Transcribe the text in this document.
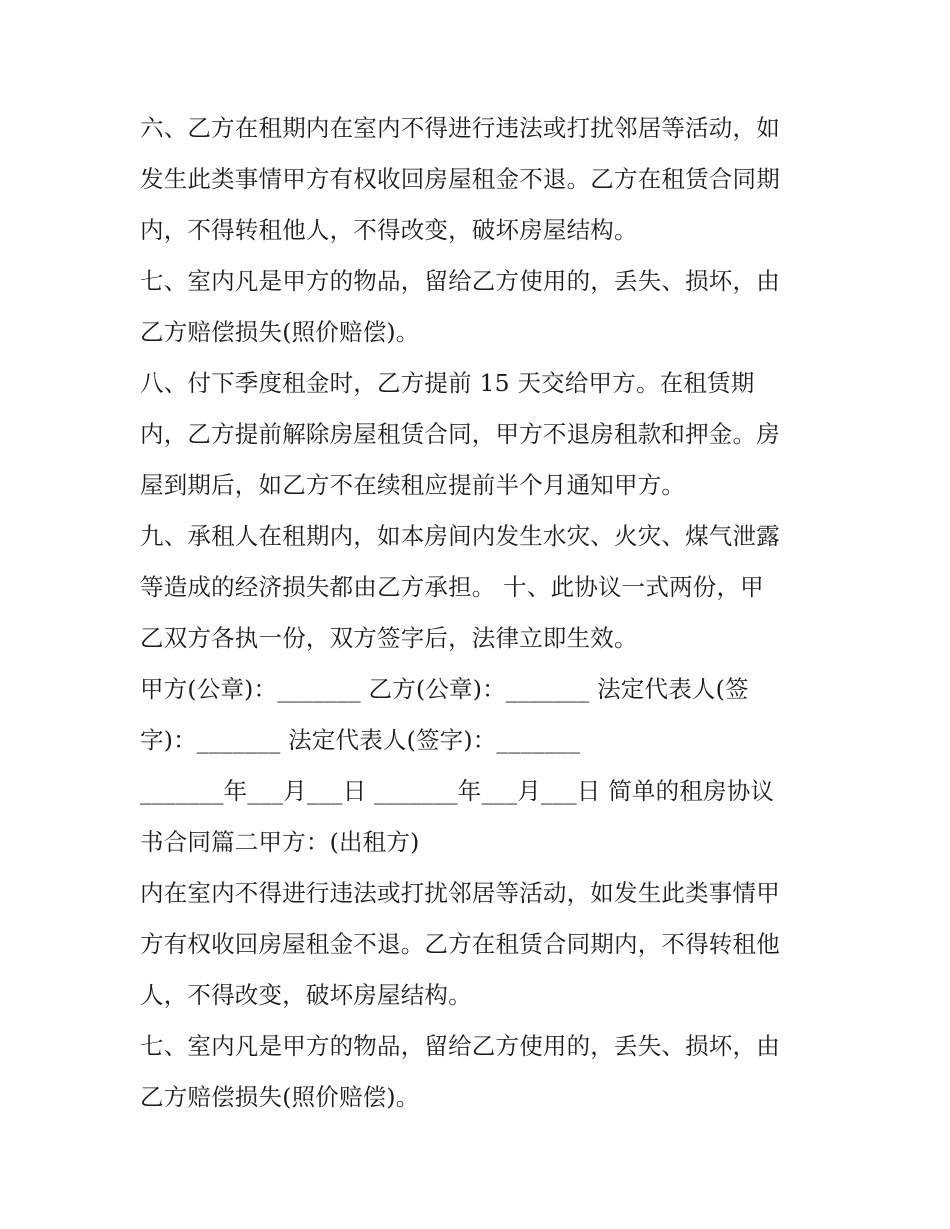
六、乙方在租期内在室内不得进行违法或打扰邻居等活动，如
发生此类事情甲方有权收回房屋租金不退。乙方在租赁合同期
内，不得转租他人，不得改变，破坏房屋结构。
七、室内凡是甲方的物品，留给乙方使用的，丢失、损坏，由
乙方赔偿损失(照价赔偿)。
八、付下季度租金时，乙方提前 15 天交给甲方。在租赁期
内，乙方提前解除房屋租赁合同，甲方不退房租款和押金。房
屋到期后，如乙方不在续租应提前半个月通知甲方。
九、承租人在租期内，如本房间内发生水灾、火灾、煤气泄露
等造成的经济损失都由乙方承担。 十、此协议一式两份，甲
乙双方各执一份，双方签字后，法律立即生效。
甲方(公章)：_______ 乙方(公章)：_______ 法定代表人(签
字)：_______ 法定代表人(签字)：_______
_______年___月___日 _______年___月___日 简单的租房协议
书合同篇二甲方：(出租方)
内在室内不得进行违法或打扰邻居等活动，如发生此类事情甲
方有权收回房屋租金不退。乙方在租赁合同期内，不得转租他
人，不得改变，破坏房屋结构。
七、室内凡是甲方的物品，留给乙方使用的，丢失、损坏，由
乙方赔偿损失(照价赔偿)。
